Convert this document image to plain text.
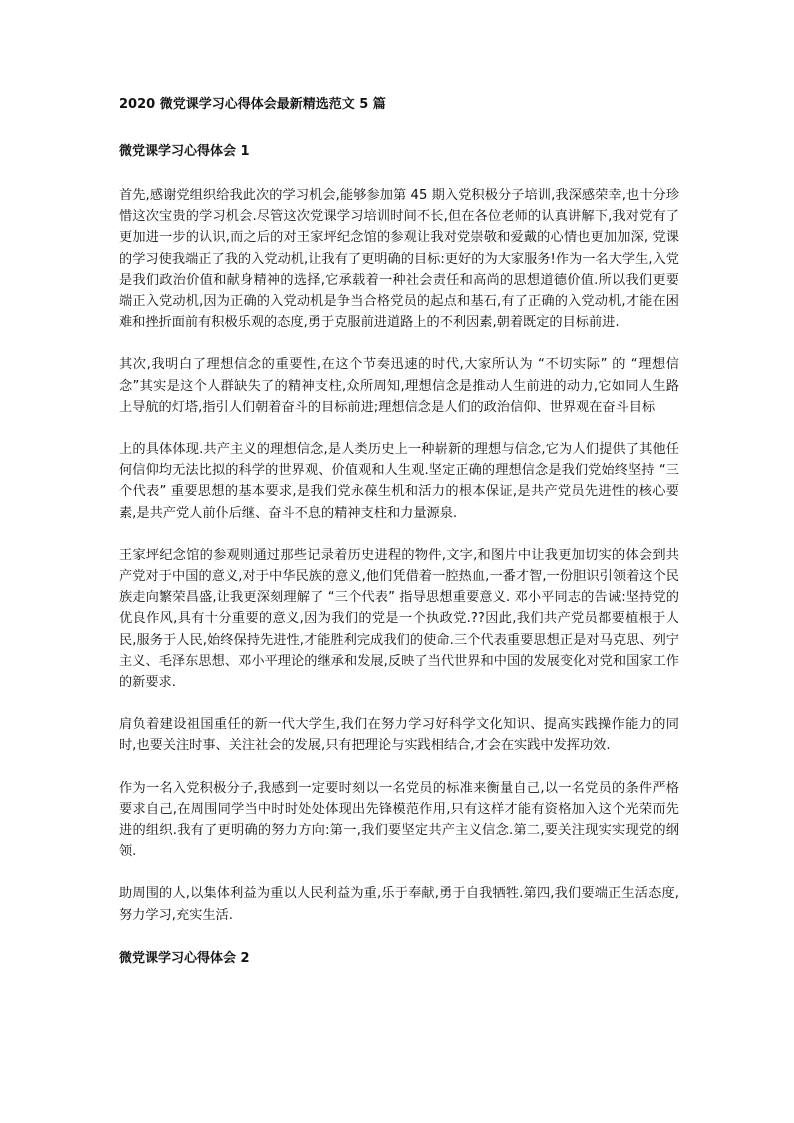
2020 微党课学习心得体会最新精选范文 5 篇
微党课学习心得体会 1

首先,感谢党组织给我此次的学习机会,能够参加第 45 期入党积极分子培训,我深感荣幸,也十分珍惜这次宝贵的学习机会.尽管这次党课学习培训时间不长,但在各位老师的认真讲解下,我对党有了更加进一步的认识,而之后的对王家坪纪念馆的参观让我对党崇敬和爱戴的心情也更加加深, 党课的学习使我端正了我的入党动机,让我有了更明确的目标:更好的为大家服务!作为一名大学生,入党是我们政治价值和献身精神的选择,它承载着一种社会责任和高尚的思想道德价值.所以我们更要端正入党动机,因为正确的入党动机是争当合格党员的起点和基石,有了正确的入党动机,才能在困难和挫折面前有积极乐观的态度,勇于克服前进道路上的不利因素,朝着既定的目标前进.

其次,我明白了理想信念的重要性,在这个节奏迅速的时代,大家所认为 “不切实际” 的 “理想信念”其实是这个人群缺失了的精神支柱,众所周知,理想信念是推动人生前进的动力,它如同人生路上导航的灯塔,指引人们朝着奋斗的目标前进;理想信念是人们的政治信仰、世界观在奋斗目标

上的具体体现.共产主义的理想信念,是人类历史上一种崭新的理想与信念,它为人们提供了其他任何信仰均无法比拟的科学的世界观、价值观和人生观.坚定正确的理想信念是我们党始终坚持 “三个代表” 重要思想的基本要求,是我们党永葆生机和活力的根本保证,是共产党员先进性的核心要素,是共产党人前仆后继、奋斗不息的精神支柱和力量源泉.

王家坪纪念馆的参观则通过那些记录着历史进程的物件,文字,和图片中让我更加切实的体会到共产党对于中国的意义,对于中华民族的意义,他们凭借着一腔热血,一番才智,一份胆识引领着这个民族走向繁荣昌盛,让我更深刻理解了 “三个代表” 指导思想重要意义. 邓小平同志的告诫:坚持党的优良作风,具有十分重要的意义,因为我们的党是一个执政党.??因此,我们共产党员都要植根于人民,服务于人民,始终保持先进性,才能胜利完成我们的使命.三个代表重要思想正是对马克思、列宁主义、毛泽东思想、邓小平理论的继承和发展,反映了当代世界和中国的发展变化对党和国家工作的新要求.

肩负着建设祖国重任的新一代大学生,我们在努力学习好科学文化知识、提高实践操作能力的同时,也要关注时事、关注社会的发展,只有把理论与实践相结合,才会在实践中发挥功效.

作为一名入党积极分子,我感到一定要时刻以一名党员的标准来衡量自己,以一名党员的条件严格要求自己,在周围同学当中时时处处体现出先锋模范作用,只有这样才能有资格加入这个光荣而先进的组织.我有了更明确的努力方向:第一,我们要坚定共产主义信念.第二,要关注现实实现党的纲领.

助周围的人,以集体利益为重以人民利益为重,乐于奉献,勇于自我牺牲.第四,我们要端正生活态度,努力学习,充实生活.

微党课学习心得体会 2
